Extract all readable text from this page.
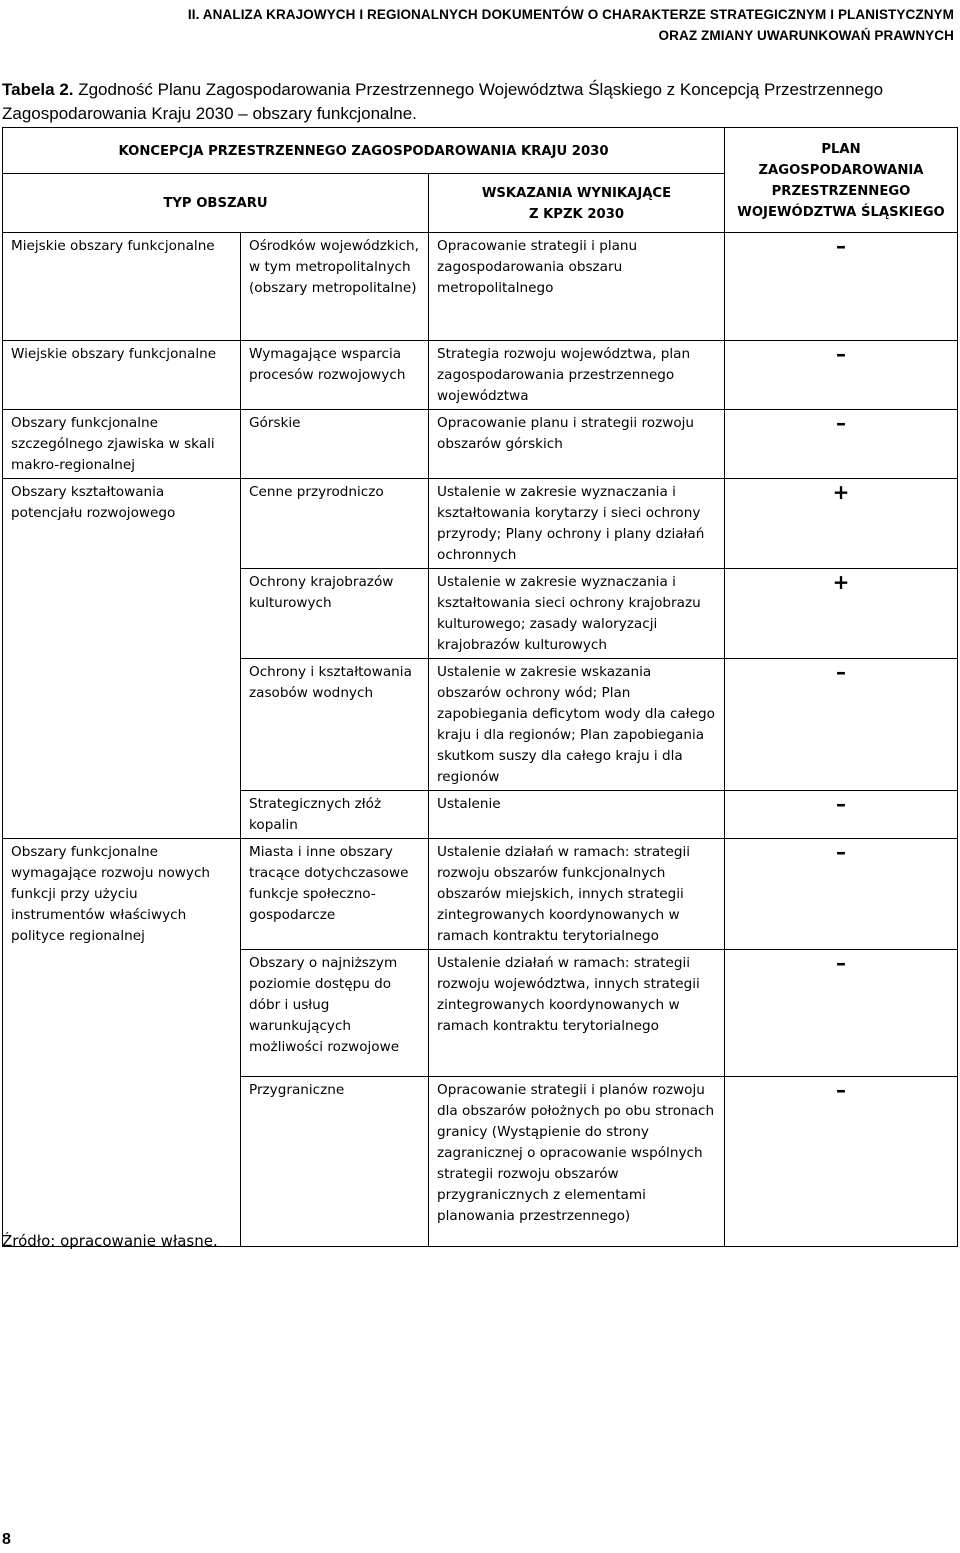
II. ANALIZA KRAJOWYCH I REGIONALNYCH DOKUMENTÓW O CHARAKTERZE STRATEGICZNYM I PLANISTYCZNYM
ORAZ ZMIANY UWARUNKOWAŃ PRAWNYCH
Tabela 2. Zgodność Planu Zagospodarowania Przestrzennego Województwa Śląskiego z Koncepcją Przestrzennego Zagospodarowania Kraju 2030 – obszary funkcjonalne.
KONCEPCJA PRZESTRZENNEGO ZAGOSPODAROWANIA KRAJU 2030			PLAN
ZAGOSPODAROWANIA
PRZESTRZENNEGO
WOJEWÓDZTWA ŚLĄSKIEGO

TYP OBSZARU		WSKAZANIA WYNIKAJĄCE
Z KPZK 2030	

Miejskie obszary funkcjonalne	Ośrodków wojewódzkich, w tym metropolitalnych (obszary metropolitalne)	Opracowanie strategii i planu zagospodarowania obszaru metropolitalnego	–
Wiejskie obszary funkcjonalne	Wymagające wsparcia procesów rozwojowych	Strategia rozwoju województwa, plan zagospodarowania przestrzennego województwa	–
Obszary funkcjonalne szczególnego zjawiska w skali makro-regionalnej	Górskie	Opracowanie planu i strategii rozwoju obszarów górskich	–
Obszary kształtowania potencjału rozwojowego	Cenne przyrodniczo	Ustalenie w zakresie wyznaczania i kształtowania korytarzy i sieci ochrony przyrody; Plany ochrony i plany działań ochronnych	+
	Ochrony krajobrazów kulturowych	Ustalenie w zakresie wyznaczania i kształtowania sieci ochrony krajobrazu kulturowego; zasady waloryzacji krajobrazów kulturowych	+
	Ochrony i kształtowania zasobów wodnych	Ustalenie w zakresie wskazania obszarów ochrony wód; Plan zapobiegania deficytom wody dla całego kraju i dla regionów; Plan zapobiegania skutkom suszy dla całego kraju i dla regionów	–
	Strategicznych złóż kopalin	Ustalenie	–
Obszary funkcjonalne wymagające rozwoju nowych funkcji przy użyciu instrumentów właściwych polityce regionalnej	Miasta i inne obszary tracące dotychczasowe funkcje społeczno-gospodarcze	Ustalenie działań w ramach: strategii rozwoju obszarów funkcjonalnych obszarów miejskich, innych strategii zintegrowanych koordynowanych w ramach kontraktu terytorialnego	–
	Obszary o najniższym poziomie dostępu do dóbr i usług warunkujących możliwości rozwojowe	Ustalenie działań w ramach: strategii rozwoju województwa, innych strategii zintegrowanych koordynowanych w ramach kontraktu terytorialnego	–
	Przygraniczne	Opracowanie strategii i planów rozwoju dla obszarów położnych po obu stronach granicy (Wystąpienie do strony zagranicznej o opracowanie wspólnych strategii rozwoju obszarów przygranicznych z elementami planowania przestrzennego)	–
Źródło: opracowanie własne.
8
